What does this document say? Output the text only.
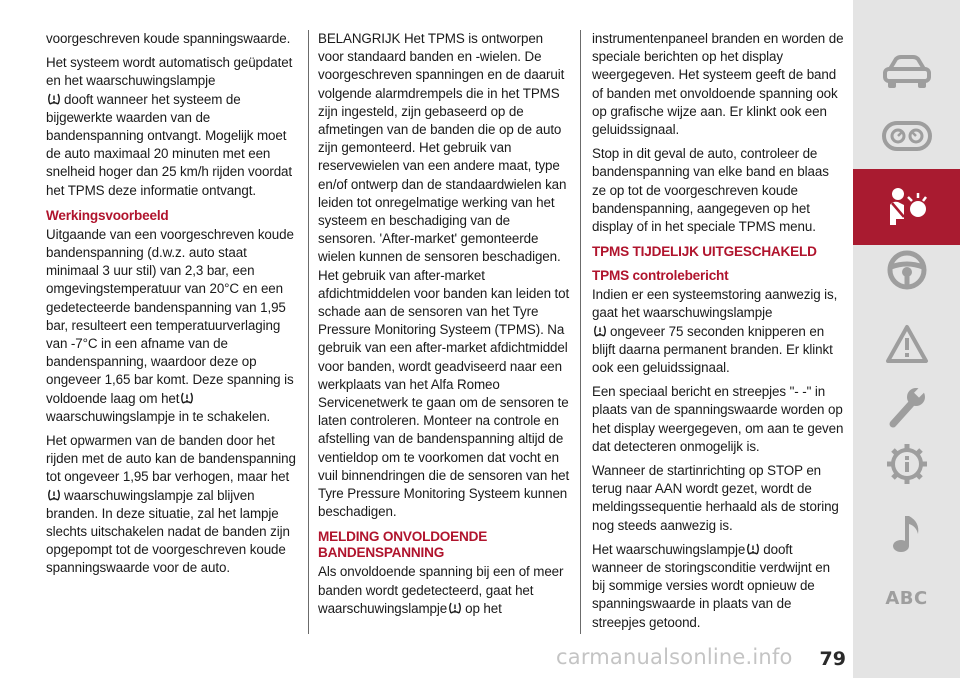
voorgeschreven koude spanningswaarde.

Het systeem wordt automatisch geüpdatet en het waarschuwingslampje

dooft wanneer het systeem de bijgewerkte waarden van de bandenspanning ontvangt. Mogelijk moet de auto maximaal 20 minuten met een snelheid hoger dan 25 km/h rijden voordat het TPMS deze informatie ontvangt.

Werkingsvoorbeeld

Uitgaande van een voorgeschreven koude bandenspanning (d.w.z. auto staat minimaal 3 uur stil) van 2,3 bar, een omgevingstemperatuur van 20°C en een gedetecteerde bandenspanning van 1,95 bar, resulteert een temperatuurverlaging van -7°C in een afname van de bandenspanning, waardoor deze op ongeveer 1,65 bar komt. Deze spanning is voldoende laag om het
waarschuwingslampje in te schakelen.

Het opwarmen van de banden door het rijden met de auto kan de bandenspanning tot ongeveer 1,95 bar verhogen, maar het

waarschuwingslampje zal blijven branden. In deze situatie, zal het lampje slechts uitschakelen nadat de banden zijn opgepompt tot de voorgeschreven koude spanningswaarde voor de auto.

BELANGRIJK Het TPMS is ontworpen voor standaard banden en -wielen. De voorgeschreven spanningen en de daaruit volgende alarmdrempels die in het TPMS zijn ingesteld, zijn gebaseerd op de afmetingen van de banden die op de auto zijn gemonteerd. Het gebruik van reservewielen van een andere maat, type en/of ontwerp dan de standaardwielen kan leiden tot onregelmatige werking van het systeem en beschadiging van de sensoren. 'After-market' gemonteerde wielen kunnen de sensoren beschadigen. Het gebruik van after-market afdichtmiddelen voor banden kan leiden tot schade aan de sensoren van het Tyre Pressure Monitoring Systeem (TPMS). Na gebruik van een after-market afdichtmiddel voor banden, wordt geadviseerd naar een werkplaats van het Alfa Romeo Servicenetwerk te gaan om de sensoren te laten controleren. Monteer na controle en afstelling van de bandenspanning altijd de ventieldop om te voorkomen dat vocht en vuil binnendringen die de sensoren van het Tyre Pressure Monitoring Systeem kunnen beschadigen.

MELDING ONVOLDOENDE BANDENSPANNING

Als onvoldoende spanning bij een of meer banden wordt gedetecteerd, gaat het waarschuwingslampje op het

instrumentenpaneel branden en worden de speciale berichten op het display weergegeven. Het systeem geeft de band of banden met onvoldoende spanning ook op grafische wijze aan. Er klinkt ook een geluidssignaal.

Stop in dit geval de auto, controleer de bandenspanning van elke band en blaas ze op tot de voorgeschreven koude bandenspanning, aangegeven op het display of in het speciale TPMS menu.

TPMS TIJDELIJK UITGESCHAKELD
TPMS controlebericht

Indien er een systeemstoring aanwezig is, gaat het waarschuwingslampje

ongeveer 75 seconden knipperen en blijft daarna permanent branden. Er klinkt ook een geluidssignaal.

Een speciaal bericht en streepjes "- -" in plaats van de spanningswaarde worden op het display weergegeven, om aan te geven dat detecteren onmogelijk is.

Wanneer de startinrichting op STOP en terug naar AAN wordt gezet, wordt de meldingssequentie herhaald als de storing nog steeds aanwezig is.

Het waarschuwingslampje dooft wanneer de storingsconditie verdwijnt en bij sommige versies wordt opnieuw de spanningswaarde in plaats van de streepjes getoond.

ABC
carmanualsonline.info	79
